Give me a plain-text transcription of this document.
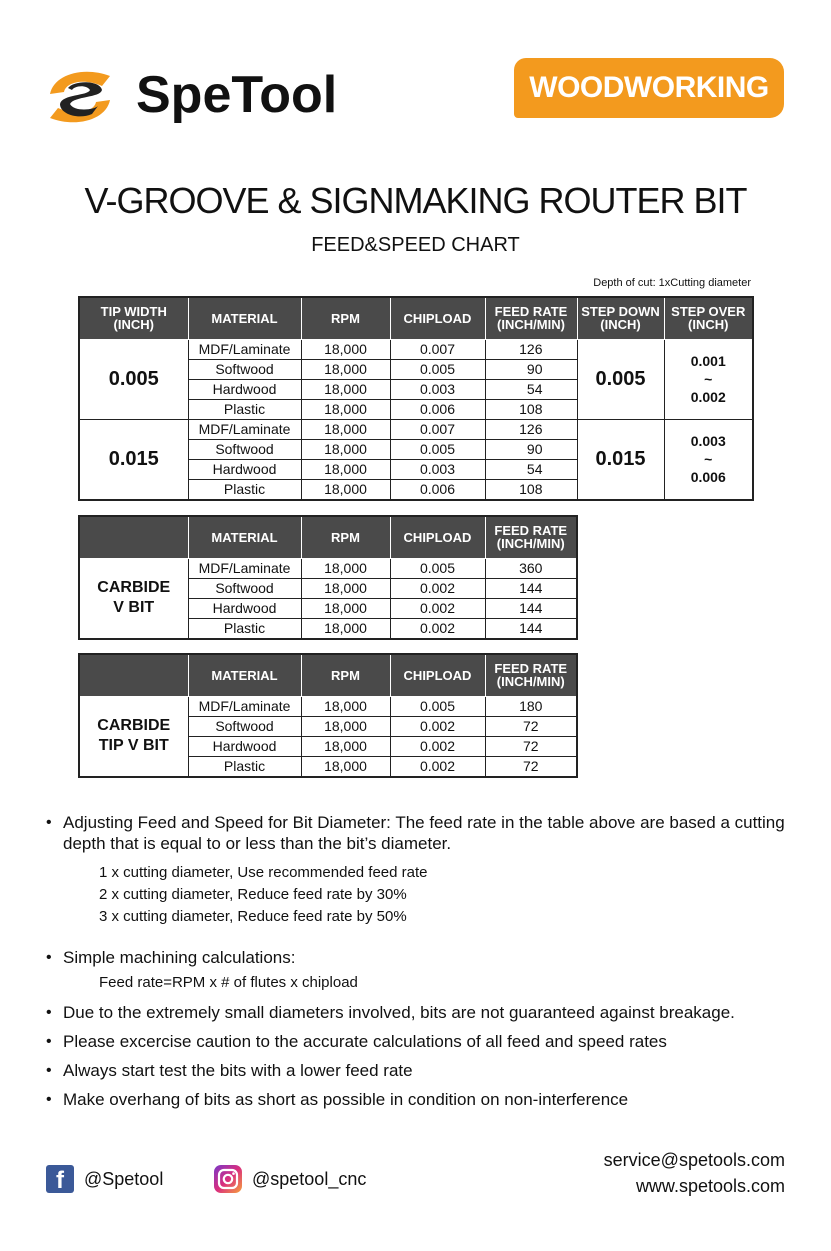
SpeTool	WOODWORKING
V-GROOVE & SIGNMAKING ROUTER BIT
FEED&SPEED CHART
Depth of cut: 1xCutting diameter
TIP WIDTH (INCH)	MATERIAL	RPM	CHIPLOAD	FEED RATE (INCH/MIN)	STEP DOWN (INCH)	STEP OVER (INCH)
0.005	MDF/Laminate	18,000	0.007	126	0.005	0.001
~
0.002

	Softwood	18,000	0.005	90		
	Hardwood	18,000	0.003	54		
	Plastic	18,000	0.006	108		
0.015	MDF/Laminate	18,000	0.007	126	0.015	0.003
~
0.006

	Softwood	18,000	0.005	90		
	Hardwood	18,000	0.003	54		
	Plastic	18,000	0.006	108		
	MATERIAL	RPM	CHIPLOAD	FEED RATE (INCH/MIN)

CARBIDE
V BIT	MDF/Laminate	18,000	0.005	360
	Softwood	18,000	0.002	144
	Hardwood	18,000	0.002	144
	Plastic	18,000	0.002	144
	MATERIAL	RPM	CHIPLOAD	FEED RATE (INCH/MIN)

CARBIDE
TIP V BIT	MDF/Laminate	18,000	0.005	180
	Softwood	18,000	0.002	72
	Hardwood	18,000	0.002	72
	Plastic	18,000	0.002	72
• Adjusting Feed and Speed for Bit Diameter: The feed rate in the table above are based a cutting depth that is equal to or less than the bit’s diameter.
1 x cutting diameter, Use recommended feed rate
2 x cutting diameter, Reduce feed rate by 30%
3 x cutting diameter, Reduce feed rate by 50%
• Simple machining calculations:
Feed rate=RPM x # of flutes x chipload
• Due to the extremely small diameters involved, bits are not guaranteed against breakage.
• Please excercise caution to the accurate calculations of all feed and speed rates
• Always start test the bits with a lower feed rate
• Make overhang of bits as short as possible in condition on non-interference
f	@Spetool	@spetool_cnc
service@spetools.com
www.spetools.com
